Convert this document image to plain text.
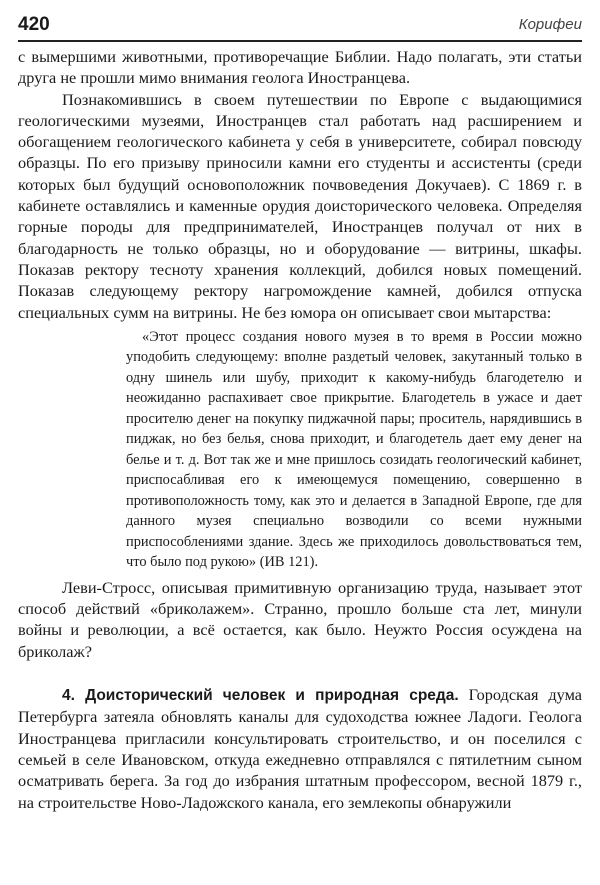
420	Корифеи

с вымершими животными, противоречащие Библии. Надо полагать, эти статьи друга не прошли мимо внимания геолога Иностранцева.

Познакомившись в своем путешествии по Европе с выдающимися геологическими музеями, Иностранцев стал работать над расширением и обогащением геологического кабинета у себя в университете, собирал повсюду образцы. По его призыву приносили камни его студенты и ассистенты (среди которых был будущий основоположник почвоведения Докучаев). С 1869 г. в кабинете оставлялись и каменные орудия доисторического человека. Определяя горные породы для предпринимателей, Иностранцев получал от них в благодарность не только образцы, но и оборудование — витрины, шкафы. Показав ректору тесноту хранения коллекций, добился новых помещений. Показав следующему ректору нагромождение камней, добился отпуска специальных сумм на витрины. Не без юмора он описывает свои мытарства:

«Этот процесс создания нового музея в то время в России можно уподобить следующему: вполне раздетый человек, закутанный только в одну шинель или шубу, приходит к какому-нибудь благодетелю и неожиданно распахивает свое прикрытие. Благодетель в ужасе и дает просителю денег на покупку пиджачной пары; проситель, нарядившись в пиджак, но без белья, снова приходит, и благодетель дает ему денег на белье и т. д. Вот так же и мне пришлось созидать геологический кабинет, приспосабливая его к имеющемуся помещению, совершенно в противоположность тому, как это и делается в Западной Европе, где для данного музея специально возводили со всеми нужными приспособлениями здание. Здесь же приходилось довольствоваться тем, что было под рукою» (ИВ 121).

Леви-Стросс, описывая примитивную организацию труда, называет этот способ действий «бриколажем». Странно, прошло больше ста лет, минули войны и революции, а всё остается, как было. Неужто Россия осуждена на бриколаж?

4. Доисторический человек и природная среда. Городская дума Петербурга затеяла обновлять каналы для судоходства южнее Ладоги. Геолога Иностранцева пригласили консультировать строительство, и он поселился с семьей в селе Ивановском, откуда ежедневно отправлялся с пятилетним сыном осматривать берега. За год до избрания штатным профессором, весной 1879 г., на строительстве Ново-Ладожского канала, его землекопы обнаружили
